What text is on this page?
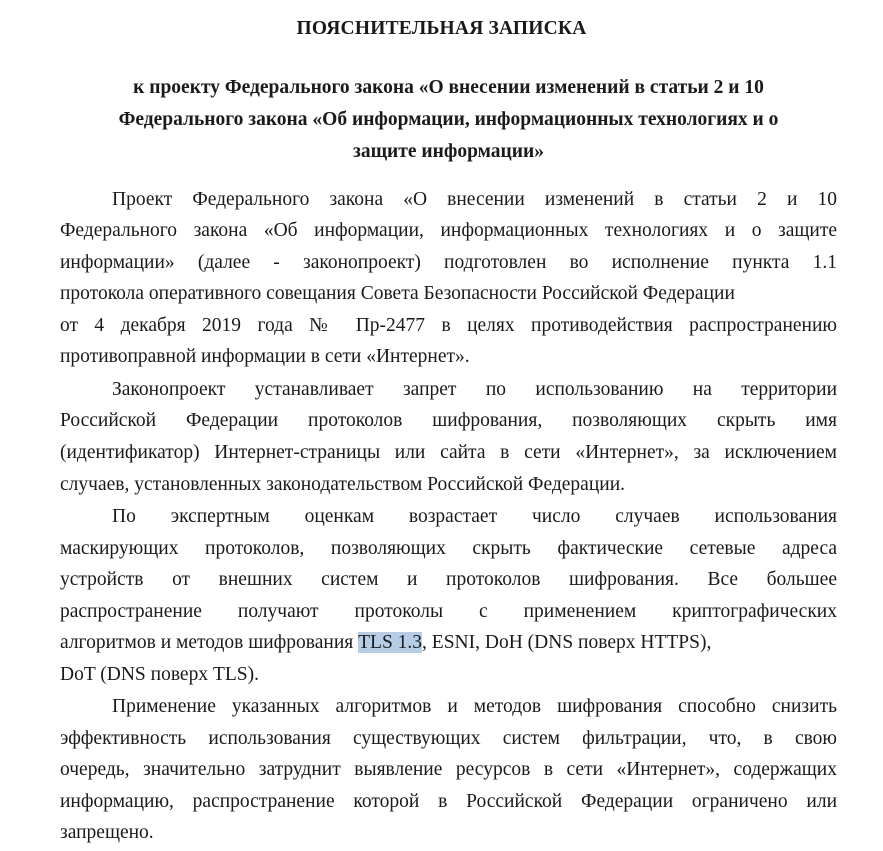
ПОЯСНИТЕЛЬНАЯ ЗАПИСКА
к проекту Федерального закона «О внесении изменений в статьи 2 и 10
Федерального закона «Об информации, информационных технологиях и о
защите информации»
Проект Федерального закона «О внесении изменений в статьи 2 и 10
Федерального закона «Об информации, информационных технологиях и о защите
информации» (далее - законопроект) подготовлен во исполнение пункта 1.1
протокола оперативного совещания Совета Безопасности Российской Федерации
от 4 декабря 2019 года № Пр-2477 в целях противодействия распространению
противоправной информации в сети «Интернет».
Законопроект устанавливает запрет по использованию на территории
Российской Федерации протоколов шифрования, позволяющих скрыть имя
(идентификатор) Интернет-страницы или сайта в сети «Интернет», за исключением
случаев, установленных законодательством Российской Федерации.
По экспертным оценкам возрастает число случаев использования
маскирующих протоколов, позволяющих скрыть фактические сетевые адреса
устройств от внешних систем и протоколов шифрования. Все большее
распространение получают протоколы с применением криптографических
алгоритмов и методов шифрования TLS 1.3, ESNI, DoH (DNS поверх HTTPS),
DoT (DNS поверх TLS).
Применение указанных алгоритмов и методов шифрования способно снизить
эффективность использования существующих систем фильтрации, что, в свою
очередь, значительно затруднит выявление ресурсов в сети «Интернет», содержащих
информацию, распространение которой в Российской Федерации ограничено или
запрещено.
